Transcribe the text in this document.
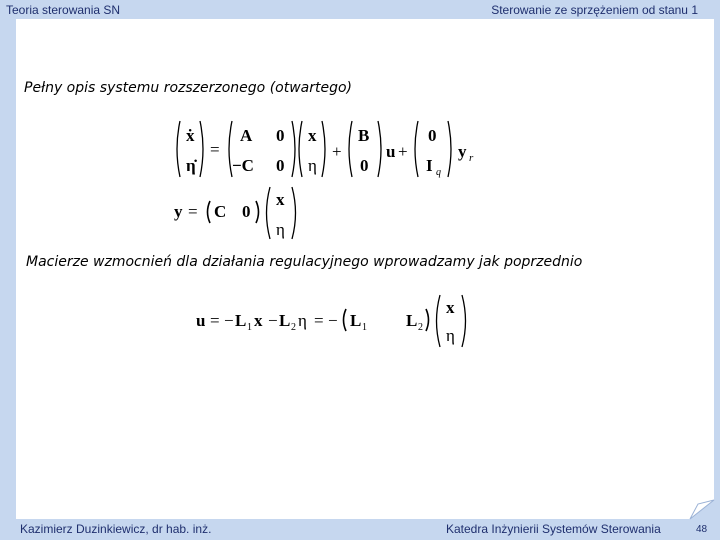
Teoria sterowania SN	Sterowanie ze sprzężeniem od stanu 1
Pełny opis systemu rozszerzonego (otwartego)
Macierze wzmocnień dla działania regulacyjnego wprowadzamy jak poprzednio
ẋ
η̇
=
A 0
−C 0
x
η
+
B
0
u +
0
I q
y r
y = C 0
x
η
u = − L 1 x − L 2 η = − L 1 L 2
x
η
Kazimierz Duzinkiewicz, dr hab. inż.	Katedra Inżynierii Systemów Sterowania	48
